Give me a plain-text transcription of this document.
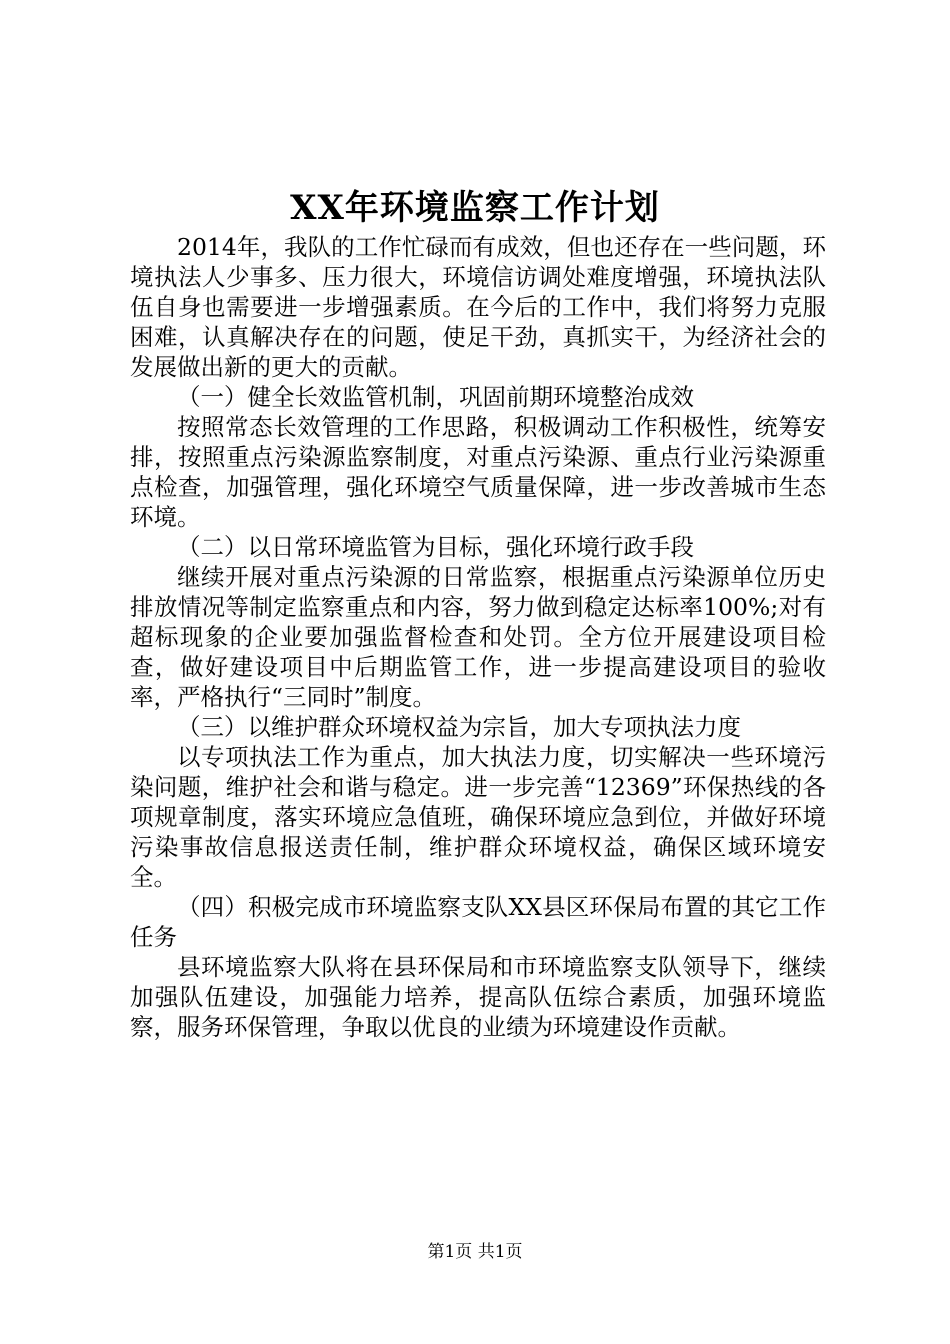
XX年环境监察工作计划

2014年，我队的工作忙碌而有成效，但也还存在一些问题，环境执法人少事多、压力很大，环境信访调处难度增强，环境执法队伍自身也需要进一步增强素质。在今后的工作中，我们将努力克服困难，认真解决存在的问题，使足干劲，真抓实干，为经济社会的发展做出新的更大的贡献。

（一）健全长效监管机制，巩固前期环境整治成效

按照常态长效管理的工作思路，积极调动工作积极性，统筹安排，按照重点污染源监察制度，对重点污染源、重点行业污染源重点检查，加强管理，强化环境空气质量保障，进一步改善城市生态环境。

（二）以日常环境监管为目标，强化环境行政手段

继续开展对重点污染源的日常监察，根据重点污染源单位历史排放情况等制定监察重点和内容，努力做到稳定达标率100%;对有超标现象的企业要加强监督检查和处罚。全方位开展建设项目检查，做好建设项目中后期监管工作，进一步提高建设项目的验收率，严格执行“三同时”制度。

（三）以维护群众环境权益为宗旨，加大专项执法力度

以专项执法工作为重点，加大执法力度，切实解决一些环境污染问题，维护社会和谐与稳定。进一步完善“12369”环保热线的各项规章制度，落实环境应急值班，确保环境应急到位，并做好环境污染事故信息报送责任制，维护群众环境权益，确保区域环境安全。

（四）积极完成市环境监察支队XX县区环保局布置的其它工作任务

县环境监察大队将在县环保局和市环境监察支队领导下，继续加强队伍建设，加强能力培养，提高队伍综合素质，加强环境监察，服务环保管理，争取以优良的业绩为环境建设作贡献。

第1页 共1页
